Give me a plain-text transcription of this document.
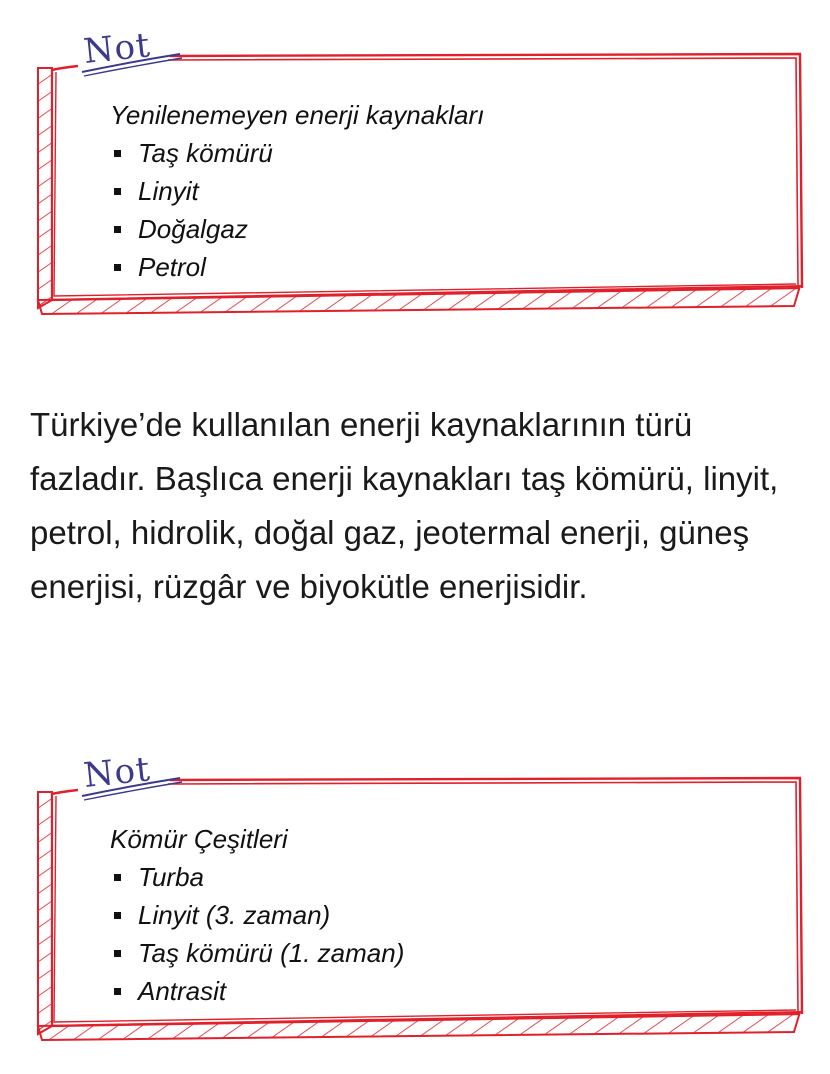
Not
Yenilenemeyen enerji kaynakları
Taş kömürü
Linyit
Doğalgaz
Petrol

Türkiye’de kullanılan enerji kaynaklarının türü fazladır. Başlıca enerji kaynakları taş kömürü, linyit, petrol, hidrolik, doğal gaz, jeotermal enerji, güneş enerjisi, rüzgâr ve biyokütle enerjisidir.

Not
Kömür Çeşitleri
Turba
Linyit (3. zaman)
Taş kömürü (1. zaman)
Antrasit
